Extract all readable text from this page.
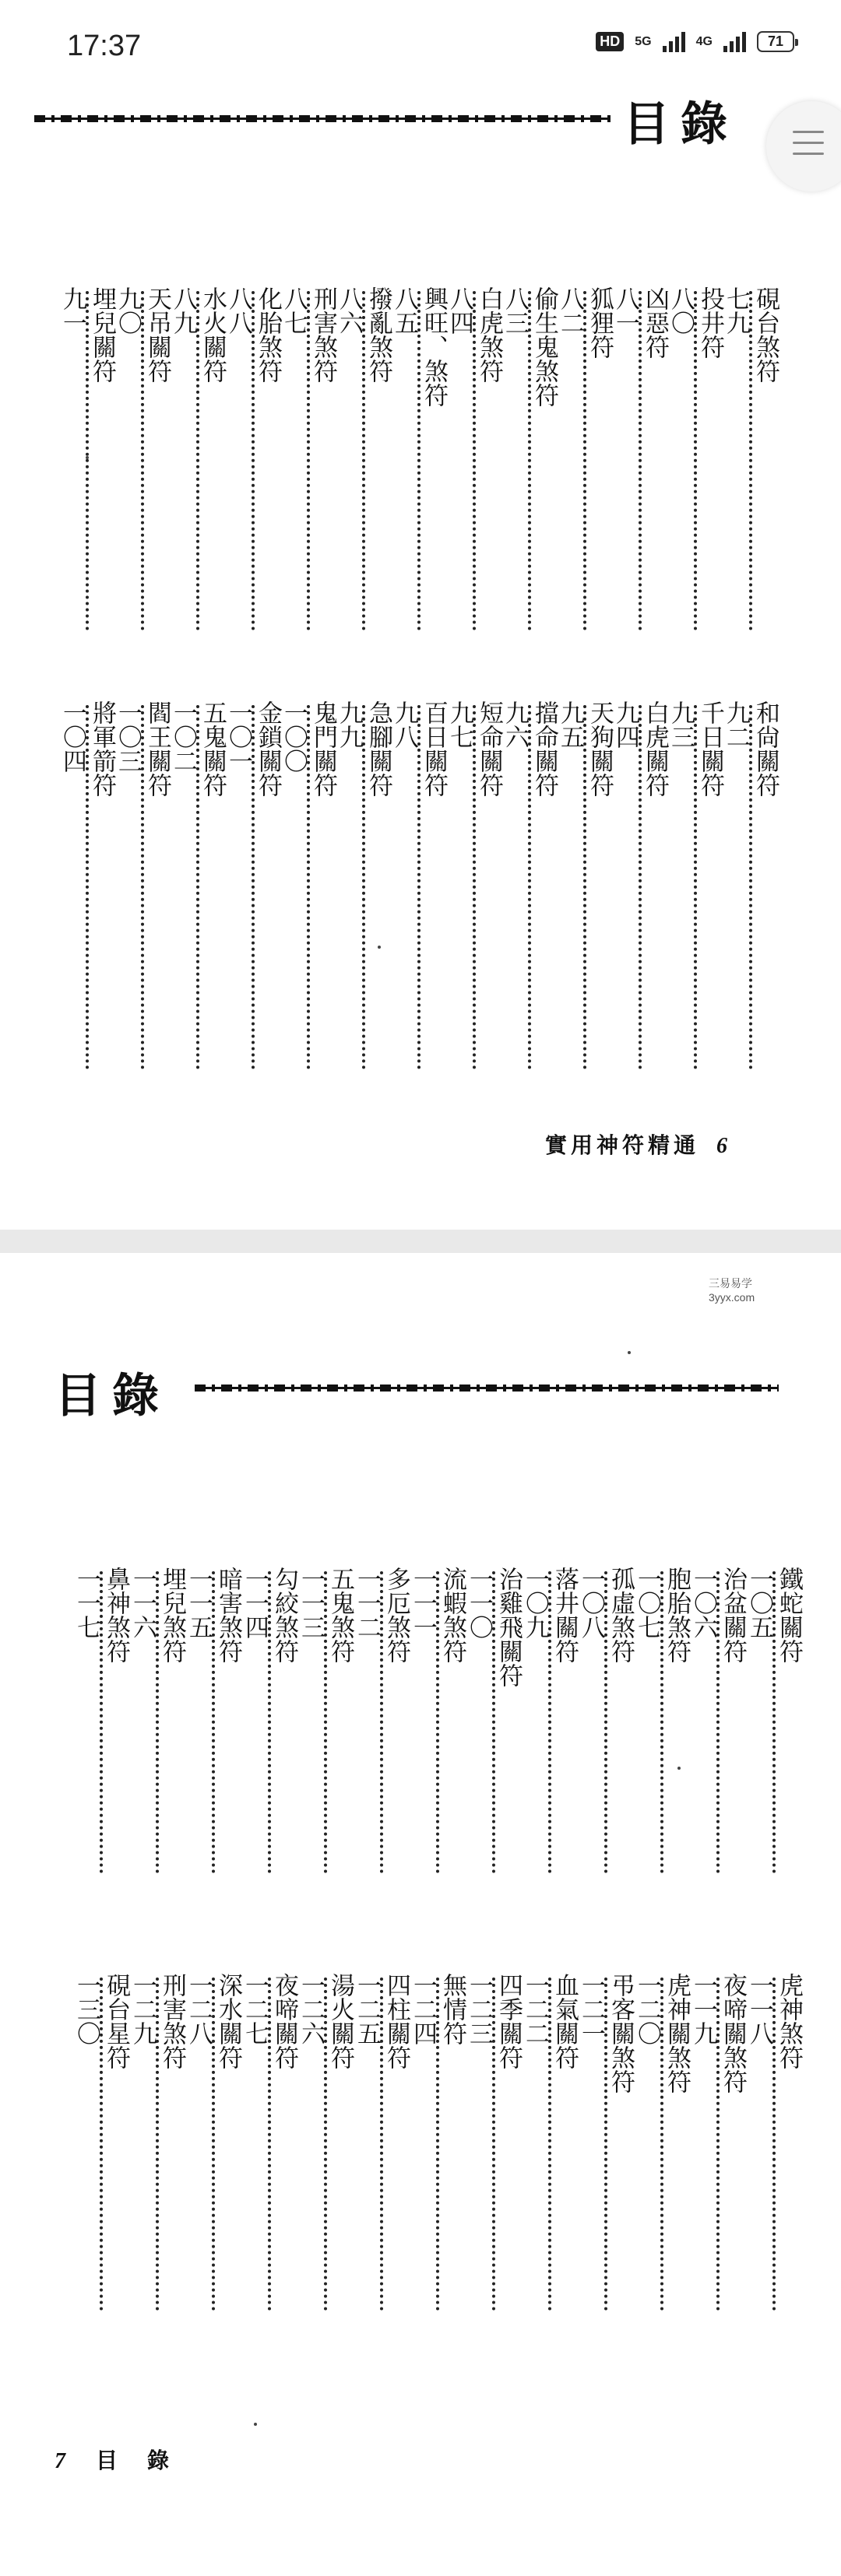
17:37	HD	5G	4G	71
目錄
硯台煞符
七九
投井符
八〇
凶惡符
八一
狐狸符
八二
偷生鬼煞符
八三
白虎煞符
八四
興旺、煞符
八五
撥亂煞符
八六
刑害煞符
八七
化胎煞符
八八
水火關符
八九
天吊關符
九〇
埋兒關符
九一
和尙關符
九二
千日關符
九三
白虎關符
九四
天狗關符
九五
擋命關符
九六
短命關符
九七
百日關符
九八
急腳關符
九九
鬼門關符
一〇〇
金鎖關符
一〇一
五鬼關符
一〇二
閻王關符
一〇三
將軍箭符
一〇四
實用神符精通 6
三易易学
3yyx.com
目錄
鐵蛇關符
一〇五
治盆關符
一〇六
胞胎煞符
一〇七
孤虛煞符
一〇八
落井關符
一〇九
治雞飛關符
一一〇
流蝦煞符
一一一
多厄煞符
一一二
五鬼煞符
一一三
勾絞煞符
一一四
暗害煞符
一一五
埋兒煞符
一一六
鼻神煞符
一一七
虎神煞符
一一八
夜啼關煞符
一一九
虎神關煞符
一二〇
弔客關煞符
一二一
血氣關符
一二二
四季關符
一二三
無情符
一二四
四柱關符
一二五
湯火關符
一二六
夜啼關符
一二七
深水關符
一二八
刑害煞符
一二九
硯台星符
一三〇
7 目　錄
